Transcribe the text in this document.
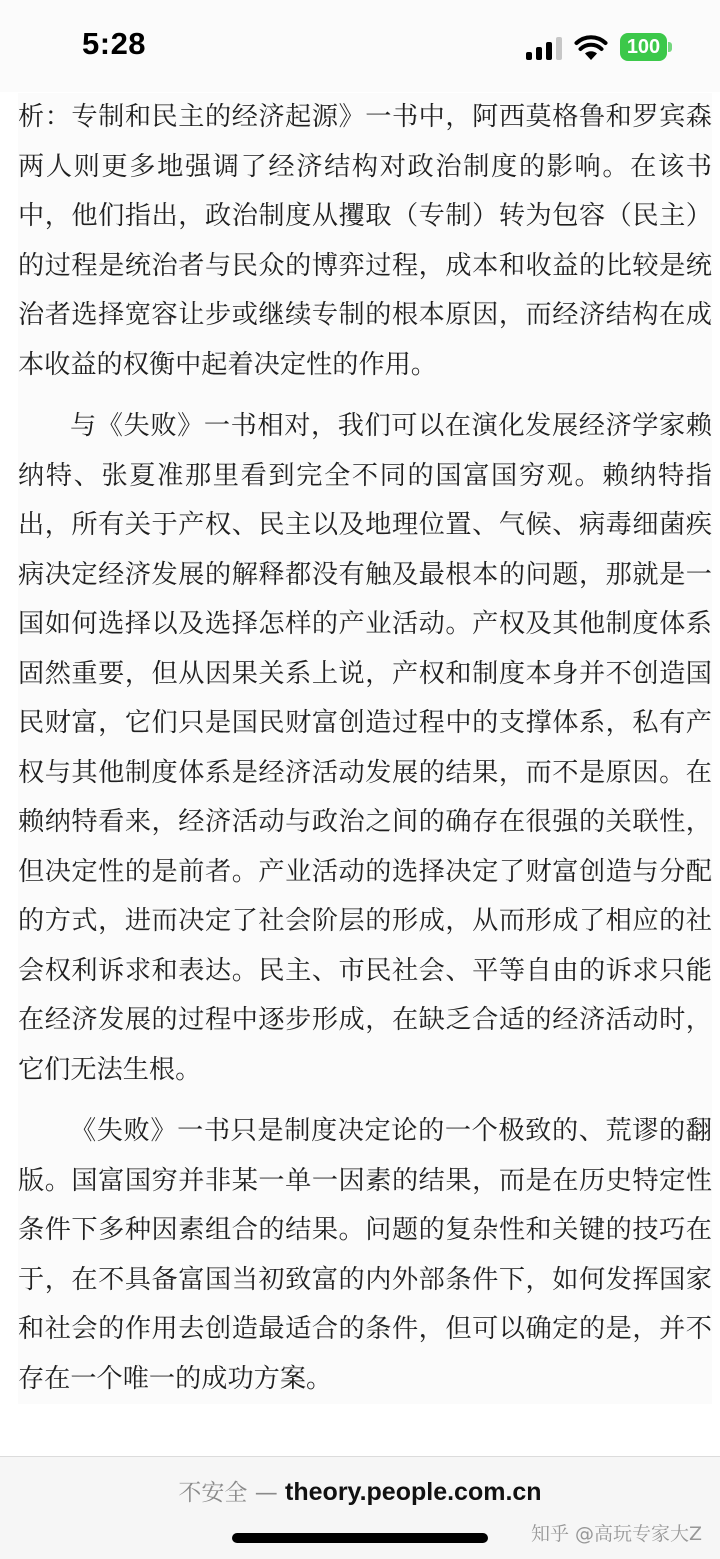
5:28	100

析：专制和民主的经济起源》一书中，阿西莫格鲁和罗宾森两人则更多地强调了经济结构对政治制度的影响。在该书中，他们指出，政治制度从攫取（专制）转为包容（民主）的过程是统治者与民众的博弈过程，成本和收益的比较是统治者选择宽容让步或继续专制的根本原因，而经济结构在成本收益的权衡中起着决定性的作用。

与《失败》一书相对，我们可以在演化发展经济学家赖纳特、张夏准那里看到完全不同的国富国穷观。赖纳特指出，所有关于产权、民主以及地理位置、气候、病毒细菌疾病决定经济发展的解释都没有触及最根本的问题，那就是一国如何选择以及选择怎样的产业活动。产权及其他制度体系固然重要，但从因果关系上说，产权和制度本身并不创造国民财富，它们只是国民财富创造过程中的支撑体系，私有产权与其他制度体系是经济活动发展的结果，而不是原因。在赖纳特看来，经济活动与政治之间的确存在很强的关联性，但决定性的是前者。产业活动的选择决定了财富创造与分配的方式，进而决定了社会阶层的形成，从而形成了相应的社会权利诉求和表达。民主、市民社会、平等自由的诉求只能在经济发展的过程中逐步形成，在缺乏合适的经济活动时，它们无法生根。

《失败》一书只是制度决定论的一个极致的、荒谬的翻版。国富国穷并非某一单一因素的结果，而是在历史特定性条件下多种因素组合的结果。问题的复杂性和关键的技巧在于，在不具备富国当初致富的内外部条件下，如何发挥国家和社会的作用去创造最适合的条件，但可以确定的是，并不存在一个唯一的成功方案。

不安全 — theory.people.com.cn
知乎 @高玩专家大Z
